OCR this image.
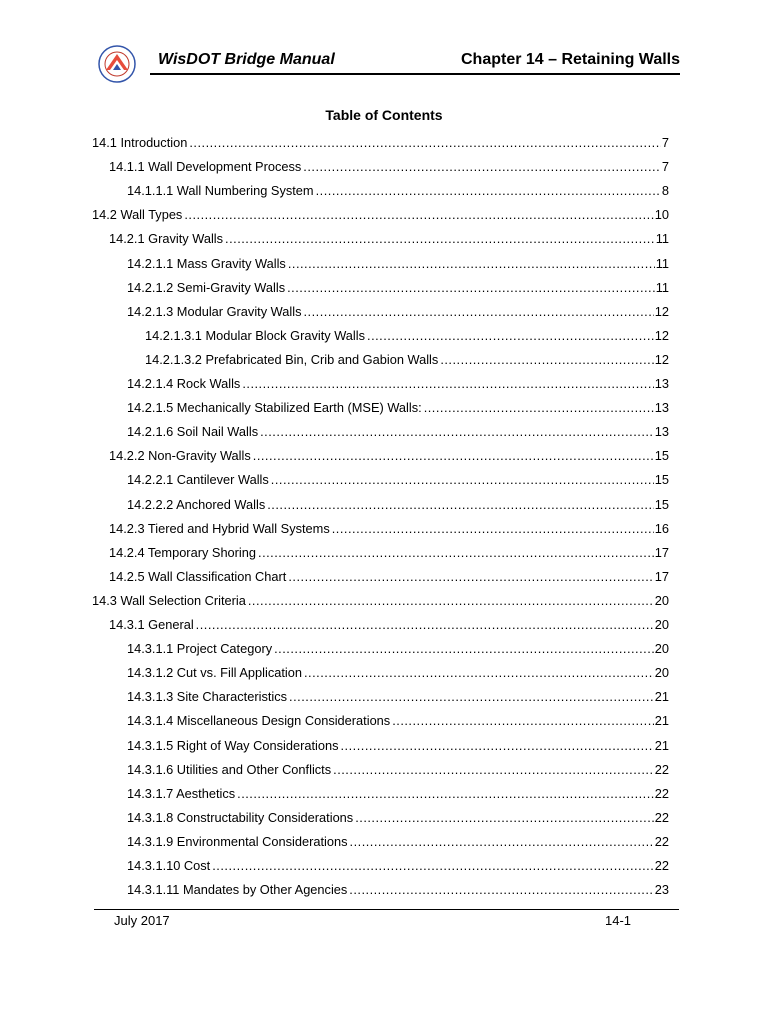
WisDOT Bridge Manual	Chapter 14 – Retaining Walls
Table of Contents
14.1 Introduction .....	7
14.1.1 Wall Development Process .....	7
14.1.1.1 Wall Numbering System .....	8
14.2 Wall Types .....	10
14.2.1 Gravity Walls .....	11
14.2.1.1 Mass Gravity Walls .....	11
14.2.1.2 Semi-Gravity Walls .....	11
14.2.1.3 Modular Gravity Walls .....	12
14.2.1.3.1 Modular Block Gravity Walls .....	12
14.2.1.3.2 Prefabricated Bin, Crib and Gabion Walls .....	12
14.2.1.4 Rock Walls .....	13
14.2.1.5 Mechanically Stabilized Earth (MSE) Walls: .....	13
14.2.1.6 Soil Nail Walls .....	13
14.2.2 Non-Gravity Walls .....	15
14.2.2.1 Cantilever Walls .....	15
14.2.2.2 Anchored Walls .....	15
14.2.3 Tiered and Hybrid Wall Systems .....	16
14.2.4 Temporary Shoring .....	17
14.2.5 Wall Classification Chart .....	17
14.3 Wall Selection Criteria .....	20
14.3.1 General .....	20
14.3.1.1 Project Category .....	20
14.3.1.2 Cut vs. Fill Application .....	20
14.3.1.3 Site Characteristics .....	21
14.3.1.4 Miscellaneous Design Considerations .....	21
14.3.1.5 Right of Way Considerations .....	21
14.3.1.6 Utilities and Other Conflicts .....	22
14.3.1.7 Aesthetics .....	22
14.3.1.8 Constructability Considerations .....	22
14.3.1.9 Environmental Considerations .....	22
14.3.1.10 Cost .....	22
14.3.1.11 Mandates by Other Agencies .....	23
July 2017	14-1
